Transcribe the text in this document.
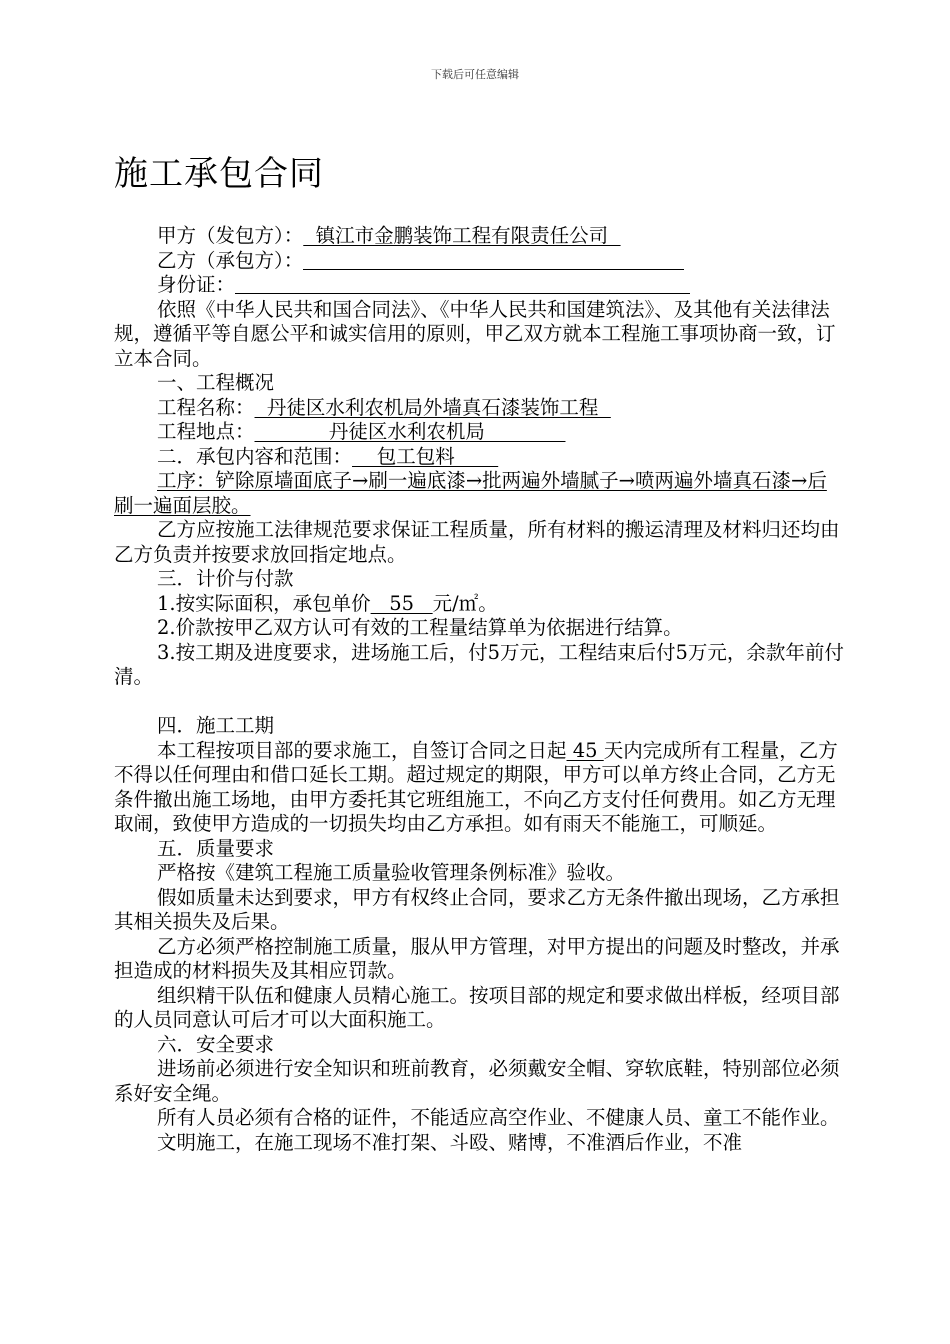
下载后可任意编辑
施工承包合同

甲方（发包方）：  镇江市金鹏装饰工程有限责任公司

乙方（承包方）：

身份证：

依照《中华人民共和国合同法》、《中华人民共和国建筑法》、及其他有关法律法规，遵循平等自愿公平和诚实信用的原则，甲乙双方就本工程施工事项协商一致，订立本合同。

一、工程概况

工程名称：  丹徒区水利农机局外墙真石漆装饰工程

工程地点：            丹徒区水利农机局

二．承包内容和范围：    包工包料

工序：铲除原墙面底子→刷一遍底漆→批两遍外墙腻子→喷两遍外墙真石漆→后刷一遍面层胶。

乙方应按施工法律规范要求保证工程质量，所有材料的搬运清理及材料归还均由乙方负责并按要求放回指定地点。

三．计价与付款

1.按实际面积，承包单价   55   元/㎡。

2.价款按甲乙双方认可有效的工程量结算单为依据进行结算。

3.按工期及进度要求，进场施工后，付5万元，工程结束后付5万元，余款年前付清。

四．施工工期

本工程按项目部的要求施工，自签订合同之日起 45 天内完成所有工程量，乙方不得以任何理由和借口延长工期。超过规定的期限，甲方可以单方终止合同，乙方无条件撤出施工场地，由甲方委托其它班组施工，不向乙方支付任何费用。如乙方无理取闹，致使甲方造成的一切损失均由乙方承担。如有雨天不能施工，可顺延。

五．质量要求

严格按《建筑工程施工质量验收管理条例标准》验收。

假如质量未达到要求，甲方有权终止合同，要求乙方无条件撤出现场，乙方承担其相关损失及后果。

乙方必须严格控制施工质量，服从甲方管理，对甲方提出的问题及时整改，并承担造成的材料损失及其相应罚款。

组织精干队伍和健康人员精心施工。按项目部的规定和要求做出样板，经项目部的人员同意认可后才可以大面积施工。

六．安全要求

进场前必须进行安全知识和班前教育，必须戴安全帽、穿软底鞋，特别部位必须系好安全绳。

所有人员必须有合格的证件，不能适应高空作业、不健康人员、童工不能作业。

文明施工，在施工现场不准打架、斗殴、赌博，不准酒后作业，不准
